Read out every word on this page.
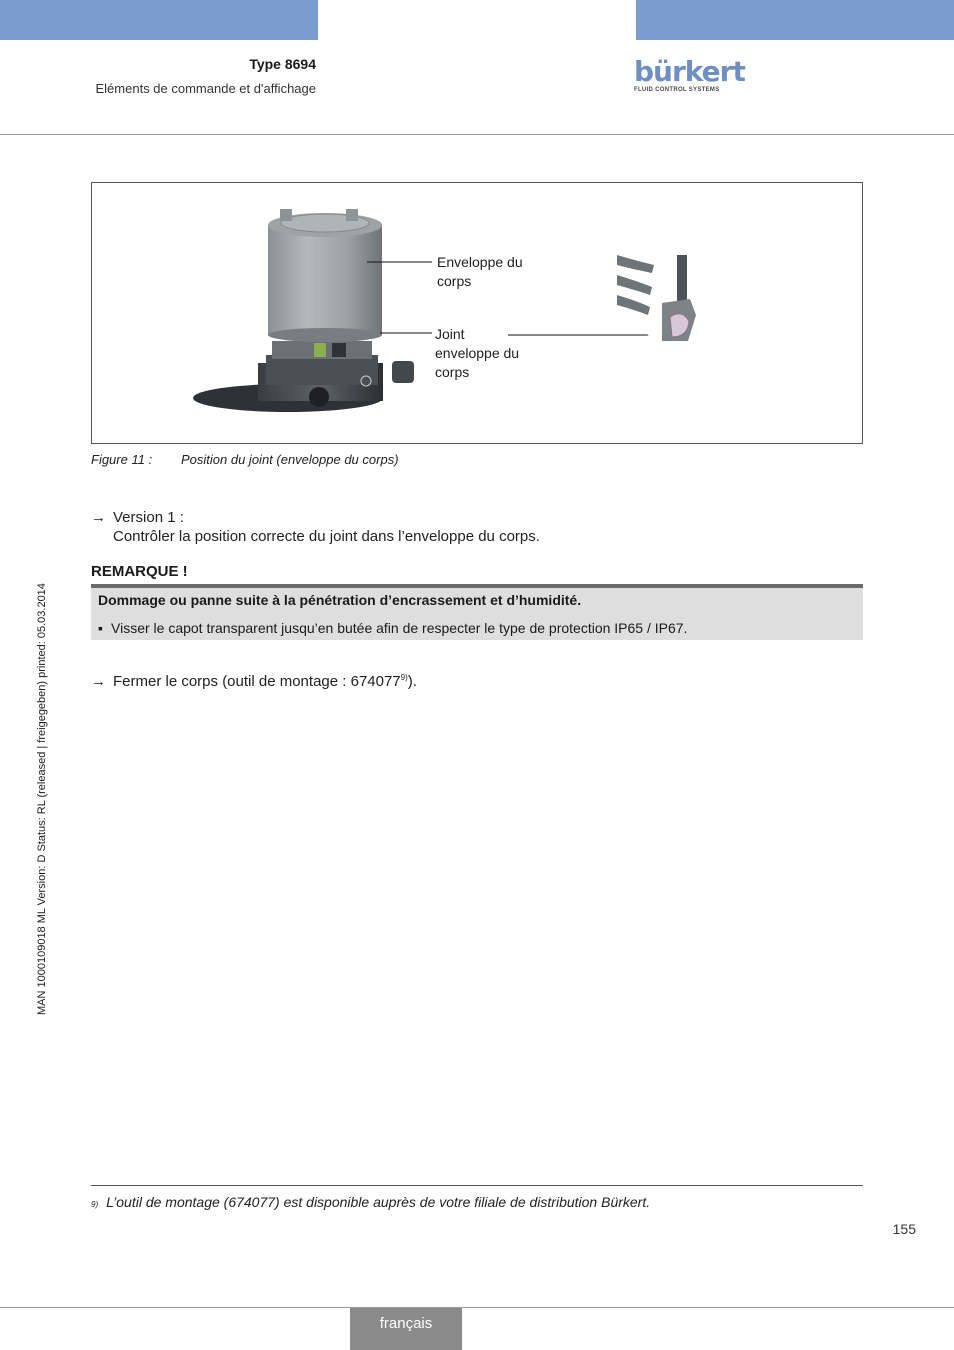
Type 8694
Eléments de commande et d'affichage
bürkert
FLUID CONTROL SYSTEMS
Enveloppe du
corps
Joint
enveloppe du
corps
Figure 11 : Position du joint (enveloppe du corps)
→ Version 1 :
Contrôler la position correcte du joint dans l’enveloppe du corps.
REMARQUE !
Dommage ou panne suite à la pénétration d’encrassement et d’humidité.
▪ Visser le capot transparent jusqu’en butée afin de respecter le type de protection IP65 / IP67.
→ Fermer le corps (outil de montage : 674077$^{9)}$).
MAN 1000109018 ML Version: D Status: RL (released | freigegeben) printed: 05.03.2014
9) L’outil de montage (674077) est disponible auprès de votre filiale de distribution Bürkert.
155
français
